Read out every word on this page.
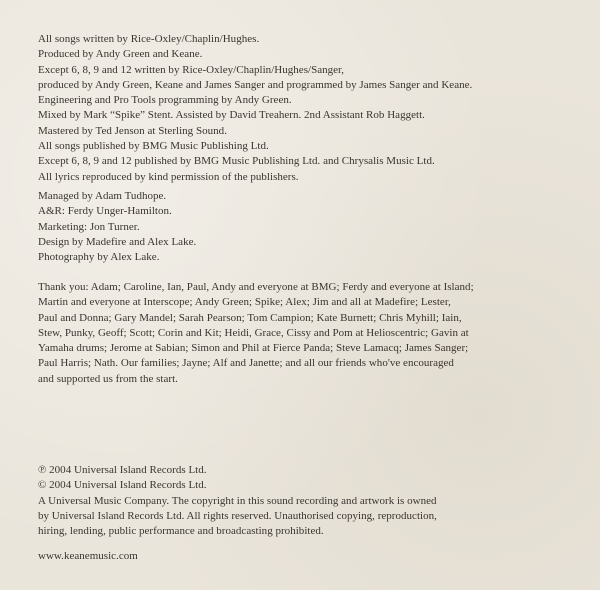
All songs written by Rice-Oxley/Chaplin/Hughes.
Produced by Andy Green and Keane.
Except 6, 8, 9 and 12 written by Rice-Oxley/Chaplin/Hughes/Sanger,
produced by Andy Green, Keane and James Sanger and programmed by James Sanger and Keane.
Engineering and Pro Tools programming by Andy Green.
Mixed by Mark “Spike” Stent. Assisted by David Treahern. 2nd Assistant Rob Haggett.
Mastered by Ted Jenson at Sterling Sound.
All songs published by BMG Music Publishing Ltd.
Except 6, 8, 9 and 12 published by BMG Music Publishing Ltd. and Chrysalis Music Ltd.
All lyrics reproduced by kind permission of the publishers.
Managed by Adam Tudhope.
A&R: Ferdy Unger-Hamilton.
Marketing: Jon Turner.
Design by Madefire and Alex Lake.
Photography by Alex Lake.
Thank you: Adam; Caroline, Ian, Paul, Andy and everyone at BMG; Ferdy and everyone at Island;
Martin and everyone at Interscope; Andy Green; Spike; Alex; Jim and all at Madefire; Lester,
Paul and Donna; Gary Mandel; Sarah Pearson; Tom Campion; Kate Burnett; Chris Myhill; Iain,
Stew, Punky, Geoff; Scott; Corin and Kit; Heidi, Grace, Cissy and Pom at Helioscentric; Gavin at
Yamaha drums; Jerome at Sabian; Simon and Phil at Fierce Panda; Steve Lamacq; James Sanger;
Paul Harris; Nath. Our families; Jayne; Alf and Janette; and all our friends who've encouraged
and supported us from the start.
℗ 2004 Universal Island Records Ltd.
© 2004 Universal Island Records Ltd.
A Universal Music Company. The copyright in this sound recording and artwork is owned
by Universal Island Records Ltd. All rights reserved. Unauthorised copying, reproduction,
hiring, lending, public performance and broadcasting prohibited.
www.keanemusic.com
